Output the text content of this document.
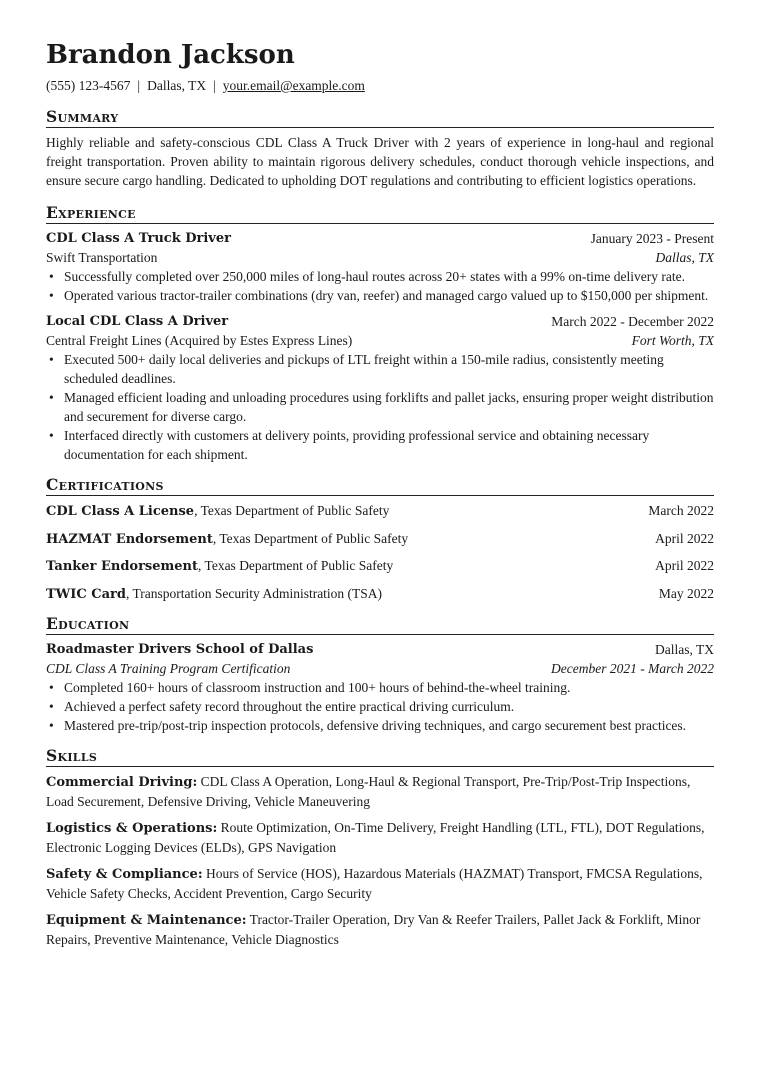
Brandon Jackson
(555) 123-4567 | Dallas, TX | your.email@example.com
Summary
Highly reliable and safety-conscious CDL Class A Truck Driver with 2 years of experience in long-haul and regional freight transportation. Proven ability to maintain rigorous delivery schedules, conduct thorough vehicle inspections, and ensure secure cargo handling. Dedicated to upholding DOT regulations and contributing to efficient logistics operations.
Experience
CDL Class A Truck Driver	January 2023 - Present
Swift Transportation	Dallas, TX
• Successfully completed over 250,000 miles of long-haul routes across 20+ states with a 99% on-time delivery rate.
• Operated various tractor-trailer combinations (dry van, reefer) and managed cargo valued up to $150,000 per shipment.
Local CDL Class A Driver	March 2022 - December 2022
Central Freight Lines (Acquired by Estes Express Lines)	Fort Worth, TX
• Executed 500+ daily local deliveries and pickups of LTL freight within a 150-mile radius, consistently meeting scheduled deadlines.
• Managed efficient loading and unloading procedures using forklifts and pallet jacks, ensuring proper weight distribution and securement for diverse cargo.
• Interfaced directly with customers at delivery points, providing professional service and obtaining necessary documentation for each shipment.
Certifications
CDL Class A License, Texas Department of Public Safety	March 2022
HAZMAT Endorsement, Texas Department of Public Safety	April 2022
Tanker Endorsement, Texas Department of Public Safety	April 2022
TWIC Card, Transportation Security Administration (TSA)	May 2022
Education
Roadmaster Drivers School of Dallas	Dallas, TX
CDL Class A Training Program Certification	December 2021 - March 2022
• Completed 160+ hours of classroom instruction and 100+ hours of behind-the-wheel training.
• Achieved a perfect safety record throughout the entire practical driving curriculum.
• Mastered pre-trip/post-trip inspection protocols, defensive driving techniques, and cargo securement best practices.
Skills
Commercial Driving: CDL Class A Operation, Long-Haul & Regional Transport, Pre-Trip/Post-Trip Inspections, Load Securement, Defensive Driving, Vehicle Maneuvering
Logistics & Operations: Route Optimization, On-Time Delivery, Freight Handling (LTL, FTL), DOT Regulations, Electronic Logging Devices (ELDs), GPS Navigation
Safety & Compliance: Hours of Service (HOS), Hazardous Materials (HAZMAT) Transport, FMCSA Regulations, Vehicle Safety Checks, Accident Prevention, Cargo Security
Equipment & Maintenance: Tractor-Trailer Operation, Dry Van & Reefer Trailers, Pallet Jack & Forklift, Minor Repairs, Preventive Maintenance, Vehicle Diagnostics
